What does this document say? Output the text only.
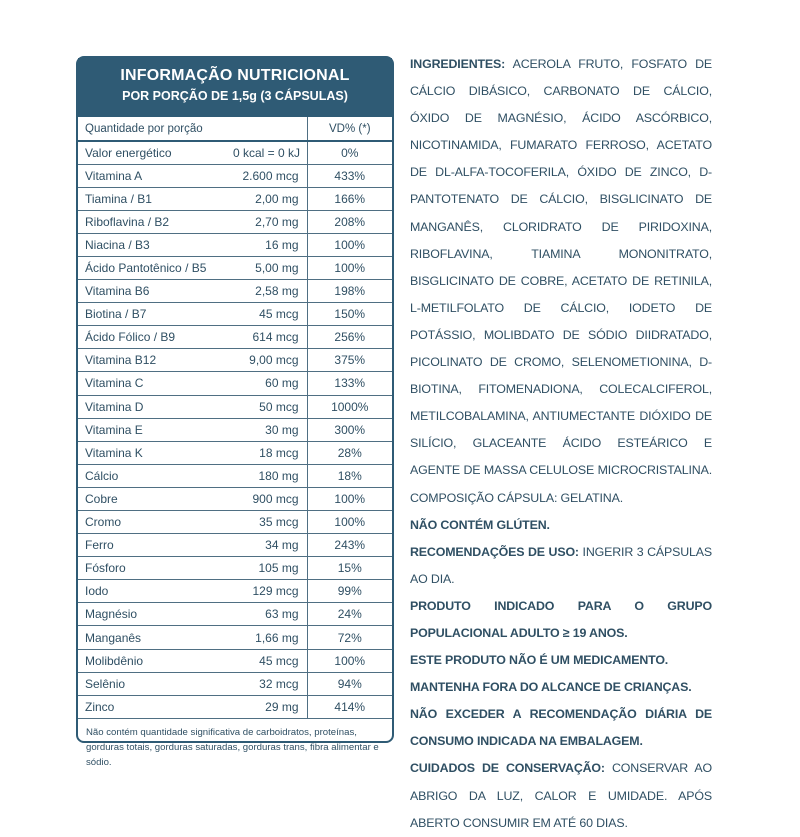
INFORMAÇÃO NUTRICIONAL
POR PORÇÃO DE 1,5g (3 CÁPSULAS)
Quantidade por porção		VD% (*)
Valor energético	0 kcal = 0 kJ	0%
Vitamina A	2.600 mcg	433%
Tiamina / B1	2,00 mg	166%
Riboflavina / B2	2,70 mg	208%
Niacina / B3	16 mg	100%
Ácido Pantotênico / B5	5,00 mg	100%
Vitamina B6	2,58 mg	198%
Biotina / B7	45 mcg	150%
Ácido Fólico / B9	614 mcg	256%
Vitamina B12	9,00 mcg	375%
Vitamina C	60 mg	133%
Vitamina D	50 mcg	1000%
Vitamina E	30 mg	300%
Vitamina K	18 mcg	28%
Cálcio	180 mg	18%
Cobre	900 mcg	100%
Cromo	35 mcg	100%
Ferro	34 mg	243%
Fósforo	105 mg	15%
Iodo	129 mcg	99%
Magnésio	63 mg	24%
Manganês	1,66 mg	72%
Molibdênio	45 mcg	100%
Selênio	32 mcg	94%
Zinco	29 mg	414%
Não contém quantidade significativa de carboidratos, proteínas, gorduras totais, gorduras saturadas, gorduras trans, fibra alimentar e sódio.

INGREDIENTES: ACEROLA FRUTO, FOSFATO DE CÁLCIO DIBÁSICO, CARBONATO DE CÁLCIO, ÓXIDO DE MAGNÉSIO, ÁCIDO ASCÓRBICO, NICOTINAMIDA, FUMARATO FERROSO, ACETATO DE DL-ALFA-TOCOFERILA, ÓXIDO DE ZINCO, D-PANTOTENATO DE CÁLCIO, BISGLICINATO DE MANGANÊS, CLORIDRATO DE PIRIDOXINA, RIBOFLAVINA, TIAMINA MONONITRATO, BISGLICINATO DE COBRE, ACETATO DE RETINILA, L-METILFOLATO DE CÁLCIO, IODETO DE POTÁSSIO, MOLIBDATO DE SÓDIO DIIDRATADO, PICOLINATO DE CROMO, SELENOMETIONINA, D-BIOTINA, FITOMENADIONA, COLECALCIFEROL, METILCOBALAMINA, ANTIUMECTANTE DIÓXIDO DE SILÍCIO, GLACEANTE ÁCIDO ESTEÁRICO E AGENTE DE MASSA CELULOSE MICROCRISTALINA. COMPOSIÇÃO CÁPSULA: GELATINA.

NÃO CONTÉM GLÚTEN.

RECOMENDAÇÕES DE USO: INGERIR 3 CÁPSULAS AO DIA.

PRODUTO INDICADO PARA O GRUPO POPULACIONAL ADULTO ≥ 19 ANOS.

ESTE PRODUTO NÃO É UM MEDICAMENTO.

MANTENHA FORA DO ALCANCE DE CRIANÇAS.

NÃO EXCEDER A RECOMENDAÇÃO DIÁRIA DE CONSUMO INDICADA NA EMBALAGEM.

CUIDADOS DE CONSERVAÇÃO: CONSERVAR AO ABRIGO DA LUZ, CALOR E UMIDADE. APÓS ABERTO CONSUMIR EM ATÉ 60 DIAS.
